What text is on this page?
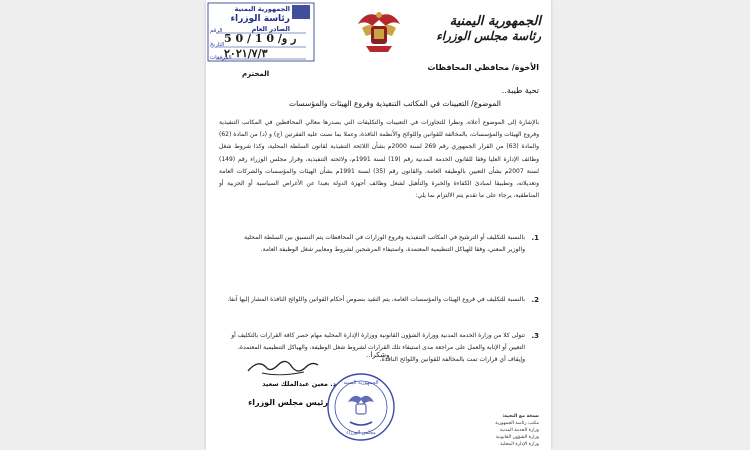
الجمهورية اليمنية
رئاسة مجلس الوزراء
الجمهورية اليمنية
رئاسة الوزراء
الصادر العام
الرقم
ر و/ 0 1 / 0 5
التاريخ
٢٠٢١/٧/٣
المرفقات
الأخوة/ محافظي المحافظات
المحترم
تحية طيبة..
الموضوع/ التعيينات في المكاتب التنفيذية وفروع الهيئات والمؤسسات
بالإشارة إلى الموضوع أعلاه، ونظرا للتجاوزات في التعيينات والتكليفات التي يصدرها معالي المحافظين في المكاتب التنفيذية وفروع الهيئات والمؤسسات، بالمخالفة للقوانين واللوائح والأنظمة النافذة، وعملا بما نصت عليه الفقرتين (ج) و (د) من المادة (62) والمادة (63) من القرار الجمهوري رقم 269 لسنة 2000م بشأن اللائحة التنفيذية لقانون السلطة المحلية، وكذا شروط شغل وظائف الإدارة العليا وفقا للقانون الخدمة المدنية رقم (19) لسنة 1991م، ولائحته التنفيذية، وقرار مجلس الوزراء رقم (149) لسنة 2007م بشأن التعيين بالوظيفة العامة، والقانون رقم (35) لسنة 1991م بشأن الهيئات والمؤسسات والشركات العامة وتعديلاته، وتطبيقا لمبادئ الكفاءة والخبرة والتأهيل لشغل وظائف أجهزة الدولة بعيدا عن الأغراض السياسية أو الحزبية أو المناطقية، يرجاء على ما تقدم يتم الالتزام بما يلي:
1.
بالنسبة للتكليف أو الترشيح في المكاتب التنفيذية وفروع الوزارات في المحافظات يتم التنسيق بين السلطة المحلية والوزير المعني، وفقا للهياكل التنظيمية المعتمدة، واستيفاء المرشحين لشروط ومعايير شغل الوظيفة العامة.
2.
بالنسبة للتكليف في فروع الهيئات والمؤسسات العامة، يتم التقيد بنصوص أحكام القوانين واللوائح النافذة المشار إليها آنفا.
3.
تتولى كلا من وزارة الخدمة المدنية ووزارة الشؤون القانونية ووزارة الإدارة المحلية مهام حصر كافة القرارات بالتكليف أو التعيين أو الإنابة والعمل على مراجعة مدى استيفاء تلك القرارات لشروط شغل الوظيفة، والهياكل التنظيمية المعتمدة، وإيقاف أي قرارات تمت بالمخالفة للقوانين واللوائح النافذة.
وشكرا..
د. معين عبدالملك سعيد
رئيس مجلس الوزراء
الجمهورية اليمنية
مجلس الوزراء
نسخة مع التحية:
مكتب رئاسة الجمهورية
وزارة الخدمة المدنية
وزارة الشؤون القانونية
وزارة الإدارة المحلية
